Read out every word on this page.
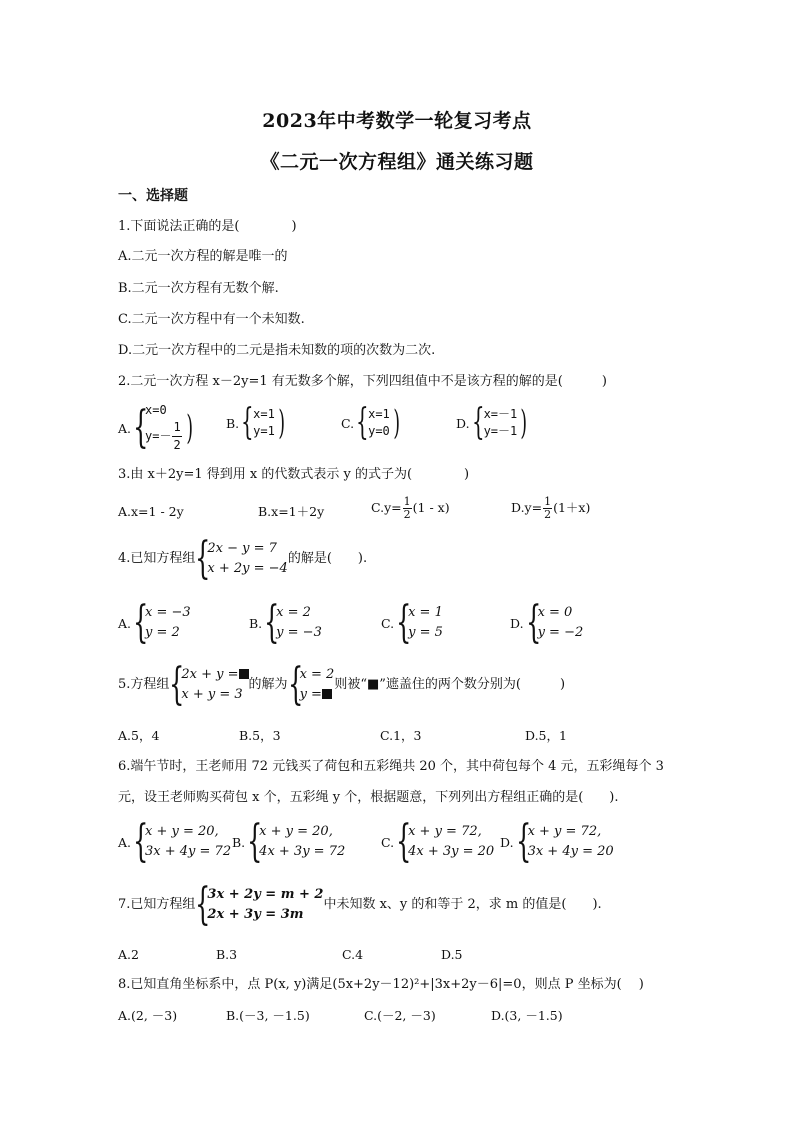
2023年中考数学一轮复习考点
《二元一次方程组》通关练习题
一、选择题
1.下面说法正确的是(　　　　)
A.二元一次方程的解是唯一的
B.二元一次方程有无数个解.
C.二元一次方程中有一个未知数.
D.二元一次方程中的二元是指未知数的项的次数为二次.
2.二元一次方程 x－2y=1 有无数多个解，下列四组值中不是该方程的解的是(　　　)
A. {
x=0
$y=- \frac{1}{2}$ )	B. { x=1
y=1 )	C. { x=1
y=0 )	D. { x=－1
y=－1 )
3.由 x＋2y=1 得到用 x 的代数式表示 y 的式子为(　　　　)
A.x=1 - 2y	B.x=1＋2y	$C.y= \frac{1}{2} (1 - x)$	$D.y= \frac{1}{2} (1+x)$
4.已知方程组 {
2x − y = 7
x + 2y = −4
的解是(　　).
A. {
x = −3
y = 2
B. {
x = 2
y = −3
C. {
x = 1
y = 5
D. {
x = 0
y = −2
5.方程组 {
2x + y =
x + y = 3
的解为 {
x = 2
y =
则被“■”遮盖住的两个数分别为(　　　)
A.5，4	B.5，3	C.1，3	D.5，1
6.端午节时，王老师用 72 元钱买了荷包和五彩绳共 20 个，其中荷包每个 4 元，五彩绳每个 3
元，设王老师购买荷包 x 个，五彩绳 y 个，根据题意，下列列出方程组正确的是(　　).
A. {
x + y = 20,
3x + 4y = 72
B. {
x + y = 20,
4x + 3y = 72
C. {
x + y = 72,
4x + 3y = 20
D. {
x + y = 72,
3x + 4y = 20
7.已知方程组 {
3x + 2y = m + 2
2x + 3y = 3m
中未知数 x、y 的和等于 2，求 m 的值是(　　).
A.2	B.3	C.4	D.5
8.已知直角坐标系中，点 P(x, y)满足(5x+2y－12)²+|3x+2y－6|=0，则点 P 坐标为(　 )
A.(2, －3)	B.(－3, －1.5)	C.(－2, －3)	D.(3, －1.5)
